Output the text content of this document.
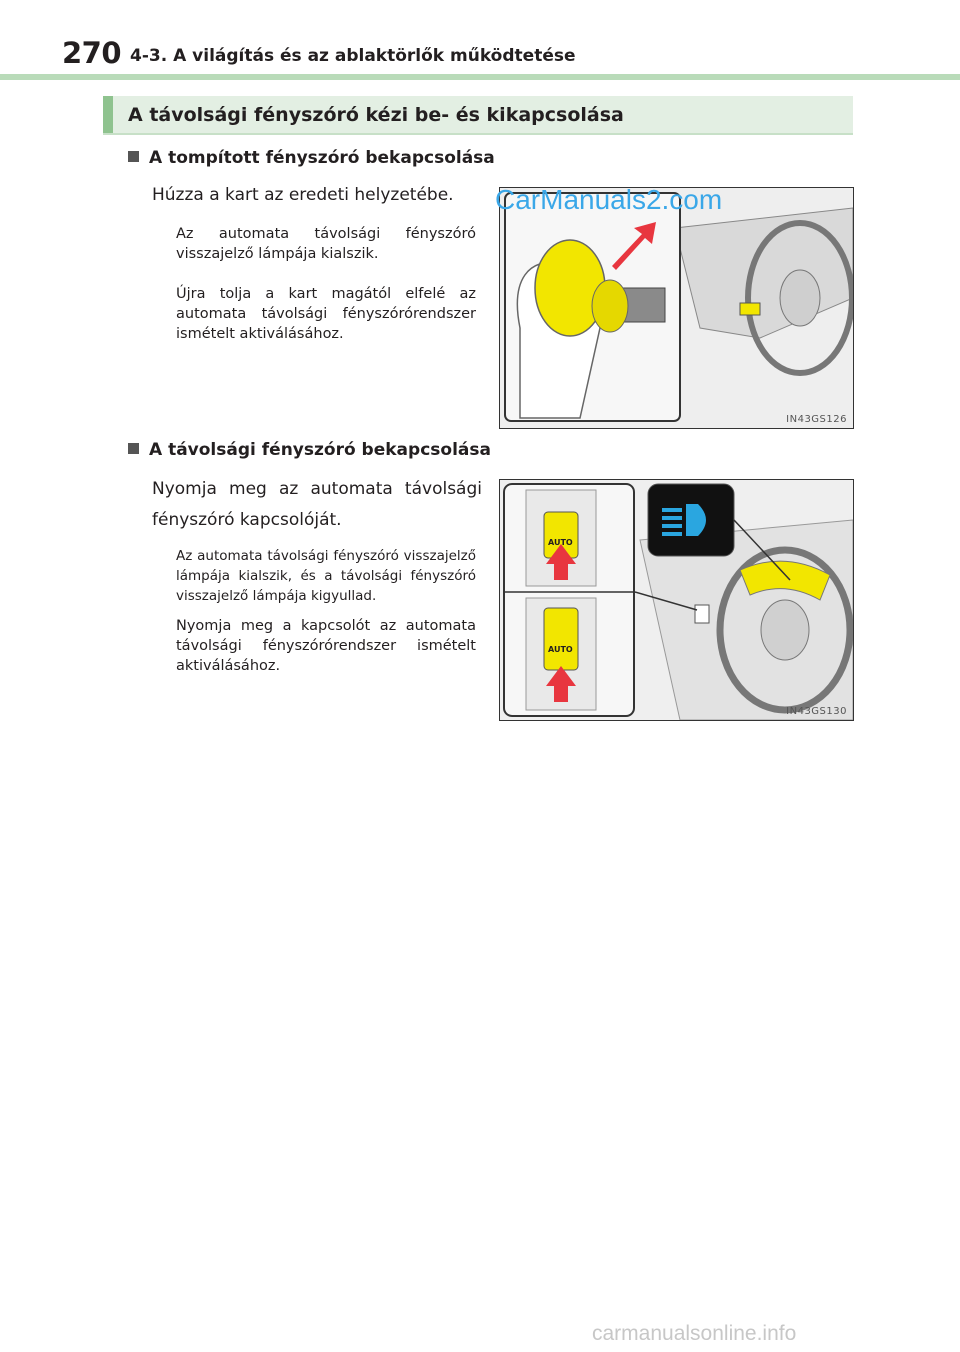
270 4-3. A világítás és az ablaktörlők működtetése
A távolsági fényszóró kézi be- és kikapcsolása
A tompított fényszóró bekapcsolása
Húzza a kart az eredeti helyzetébe.
Az automata távolsági fényszóró visszajelző lámpája kialszik.
Újra tolja a kart magától elfelé az automata távolsági fényszórórendszer ismételt aktiválásához.
IN43GS126
A távolsági fényszóró bekapcsolása
Nyomja meg az automata távolsági fényszóró kapcsolóját.
Az automata távolsági fényszóró visszajelző lámpája kialszik, és a távolsági fényszóró visszajelző lámpája kigyullad.
Nyomja meg a kapcsolót az automata távolsági fényszórórendszer ismételt aktiválásához.
AUTO
AUTO
IN43GS130
CarManuals2.com
carmanualsonline.info
